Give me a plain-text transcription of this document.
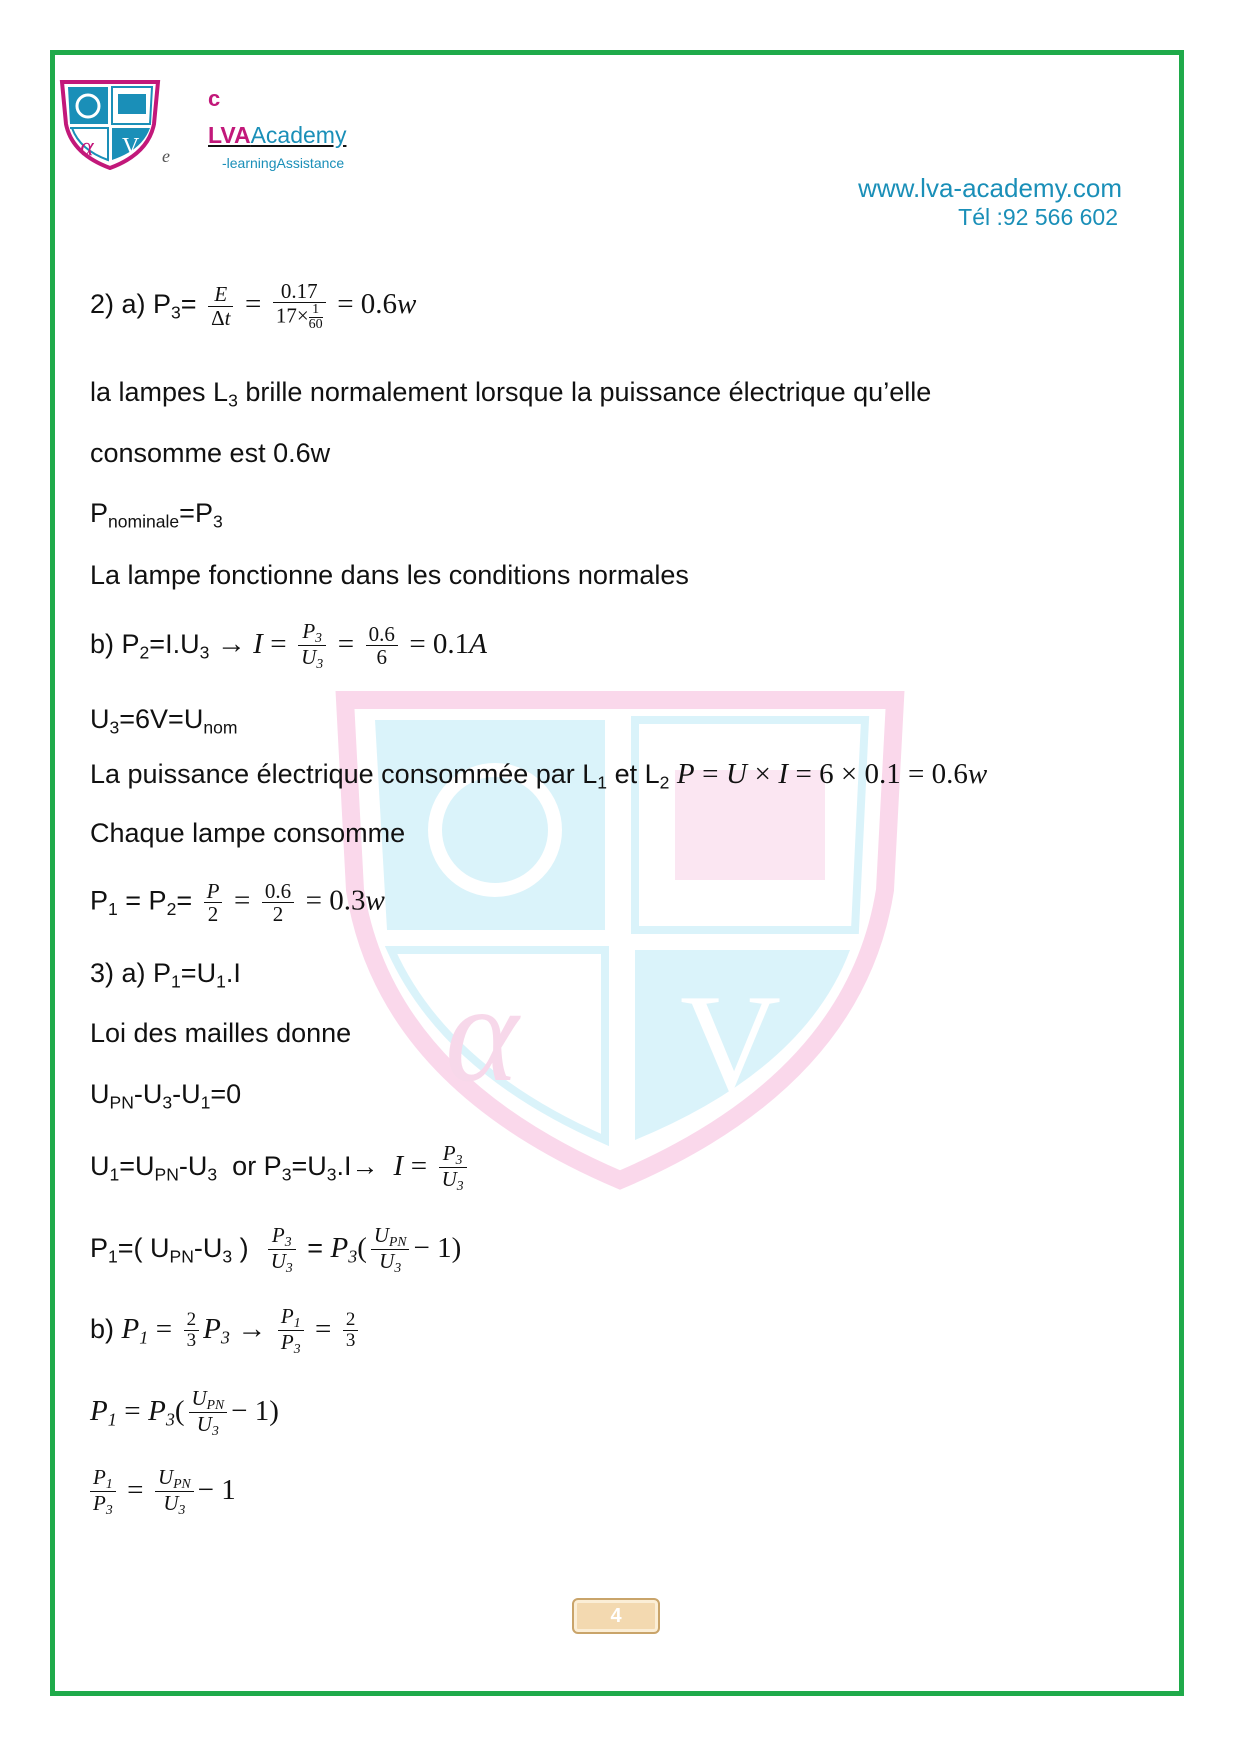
α V
c
e
LVAAcademy
-learningAssistance
www.lva-academy.com
Tél :92 566 602
α V
2) a) $P_3= \frac{E}{\Delta t} = \frac{0.17}{17\times \frac{1}{60}} = 0.6w$
la lampes $L_3$ brille normalement lorsque la puissance électrique qu’elle
consomme est 0.6w
$P_{nominale}=P_3$
La lampe fonctionne dans les conditions normales
b) $P_2=I.U_3 \to I = \frac{P_3}{U_3} = \frac{0.6}{6} = 0.1A$
$U_3=6V=U_{nom}$
La puissance électrique consommée par $L_1$ et $L_2$ P = U × I = 6 × 0.1 = 0.6w
Chaque lampe consomme
$P_1 = P_2= \frac{P}{2} = \frac{0.6}{2} = 0.3w$
3) a) $P_1=U_1.I$
Loi des mailles donne
$U_{PN}-U_3-U_1=0$
$U_1=U_{PN}-U_3$  or $P_3=U_3.I\to I = \frac{P_3}{U_3}$
$P_1=$( $U_{PN}-U_3$ ) $\frac{P_3}{U_3} = P_3( \frac{U_{PN}}{U_3} - 1)$
b) $P_1 = \frac{2}{3} P_3 \to \frac{P_1}{P_3} = \frac{2}{3}$
$P_1 = P_3( \frac{U_{PN}}{U_3} - 1)$
$\frac{P_1}{P_3} = \frac{U_{PN}}{U_3} - 1$
4
